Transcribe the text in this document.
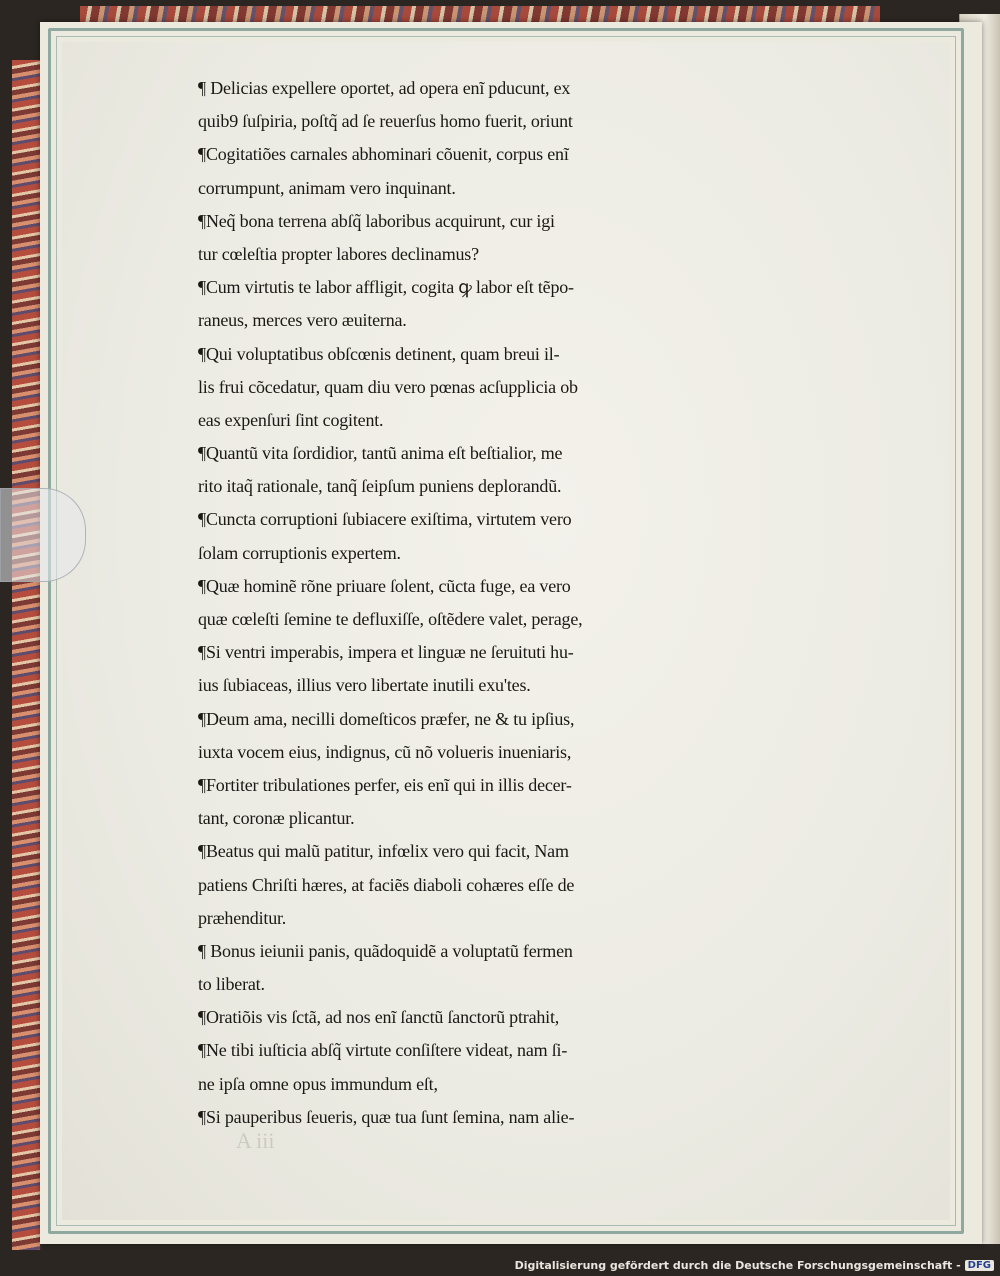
¶ Delicias expellere oportet, ad opera enĩ pducunt, ex
quib9 ſuſpiria, poſtq̃ ad ſe reuerſus homo fuerit, oriunt
¶Cogitatiões carnales abhominari cõuenit, corpus enĩ
corrumpunt, animam vero inquinant.
¶Neq̃ bona terrena abſq̃ laboribus acquirunt, cur igi
tur cœleſtia propter labores declinamus?
¶Cum virtutis te labor affligit, cogita ꝙ labor eſt tẽpo-
raneus, merces vero æuiterna.
¶Qui voluptatibus obſcœnis detinent, quam breui il-
lis frui cõcedatur, quam diu vero pœnas acſupplicia ob
eas expenſuri ſint cogitent.
¶Quantũ vita ſordidior, tantũ anima eſt beſtialior, me
rito itaq̃ rationale, tanq̃ ſeipſum puniens deplorandũ.
¶Cuncta corruptioni ſubiacere exiſtima, virtutem vero
ſolam corruptionis expertem.
¶Quæ hominẽ rõne priuare ſolent, cũcta fuge, ea vero
quæ cœleſti ſemine te defluxiſſe, oſtẽdere valet, perage,
¶Si ventri imperabis, impera et linguæ ne ſeruituti hu-
ius ſubiaceas, illius vero libertate inutili exu'tes.
¶Deum ama, necilli domeſticos præfer, ne & tu ipſius,
iuxta vocem eius, indignus, cũ nõ volueris inueniaris,
¶Fortiter tribulationes perfer, eis enĩ qui in illis decer-
tant, coronæ plicantur.
¶Beatus qui malũ patitur, infœlix vero qui facit, Nam
patiens Chriſti hæres, at faciẽs diaboli cohæres eſſe de
præhenditur.
¶ Bonus ieiunii panis, quãdoquidẽ a voluptatũ fermen
to liberat.
¶Oratiõis vis ſctã, ad nos enĩ ſanctũ ſanctorũ ptrahit,
¶Ne tibi iuſticia abſq̃ virtute conſiſtere videat, nam ſi-
ne ipſa omne opus immundum eſt,
¶Si pauperibus ſeueris, quæ tua ſunt ſemina, nam alie-
A iii
Digitalisierung gefördert durch die Deutsche Forschungsgemeinschaft - DFG
